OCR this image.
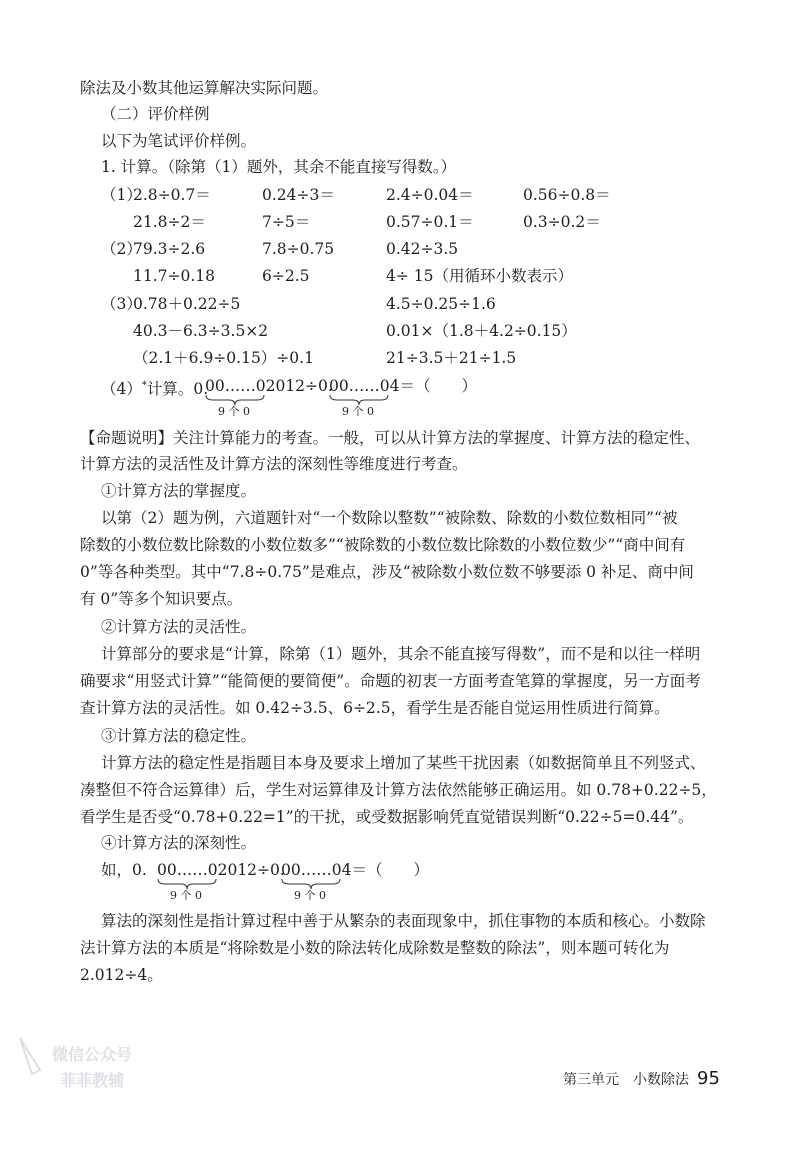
除法及小数其他运算解决实际问题。
（二）评价样例
以下为笔试评价样例。
1. 计算。（除第（1）题外，其余不能直接写得数。）
（1）
2.8÷0.7＝	0.24÷3＝	2.4÷0.04＝	0.56÷0.8＝
21.8÷2＝	7÷5＝	0.57÷0.1＝	0.3÷0.2＝
（2）
79.3÷2.6	7.8÷0.75	0.42÷3.5
11.7÷0.18	6÷2.5	4÷ 15（用循环小数表示）
（3）
0.78＋0.22÷5	4.5÷0.25÷1.6
40.3－6.3÷3.5×2	0.01×（1.8＋4.2÷0.15）
（2.1＋6.9÷0.15）÷0.1	21÷3.5＋21÷1.5
（4）*计算。0.
00……02012÷0.
00……04＝（　　）
9 个 0	9 个 0
【命题说明】关注计算能力的考查。一般，可以从计算方法的掌握度、计算方法的稳定性、
计算方法的灵活性及计算方法的深刻性等维度进行考查。
①计算方法的掌握度。
以第（2）题为例，六道题针对“一个数除以整数”“被除数、除数的小数位数相同”“被
除数的小数位数比除数的小数位数多”“被除数的小数位数比除数的小数位数少”“商中间有
0”等各种类型。其中“7.8÷0.75”是难点，涉及“被除数小数位数不够要添 0 补足、商中间
有 0”等多个知识要点。
②计算方法的灵活性。
计算部分的要求是“计算，除第（1）题外，其余不能直接写得数”，而不是和以往一样明
确要求“用竖式计算”“能简便的要简便”。命题的初衷一方面考查笔算的掌握度，另一方面考
查计算方法的灵活性。如 0.42÷3.5、6÷2.5，看学生是否能自觉运用性质进行简算。
③计算方法的稳定性。
计算方法的稳定性是指题目本身及要求上增加了某些干扰因素（如数据简单且不列竖式、
凑整但不符合运算律）后，学生对运算律及计算方法依然能够正确运用。如 0.78+0.22÷5，
看学生是否受“0.78+0.22=1”的干扰，或受数据影响凭直觉错误判断“0.22÷5=0.44”。
④计算方法的深刻性。
如，0. 00……02012÷0.
00……04＝（　　）
9 个 0	9 个 0
算法的深刻性是指计算过程中善于从繁杂的表面现象中，抓住事物的本质和核心。小数除
法计算方法的本质是“将除数是小数的除法转化成除数是整数的除法”，则本题可转化为
2.012÷4。
微信公众号
菲菲教辅	第三单元　小数除法 95
